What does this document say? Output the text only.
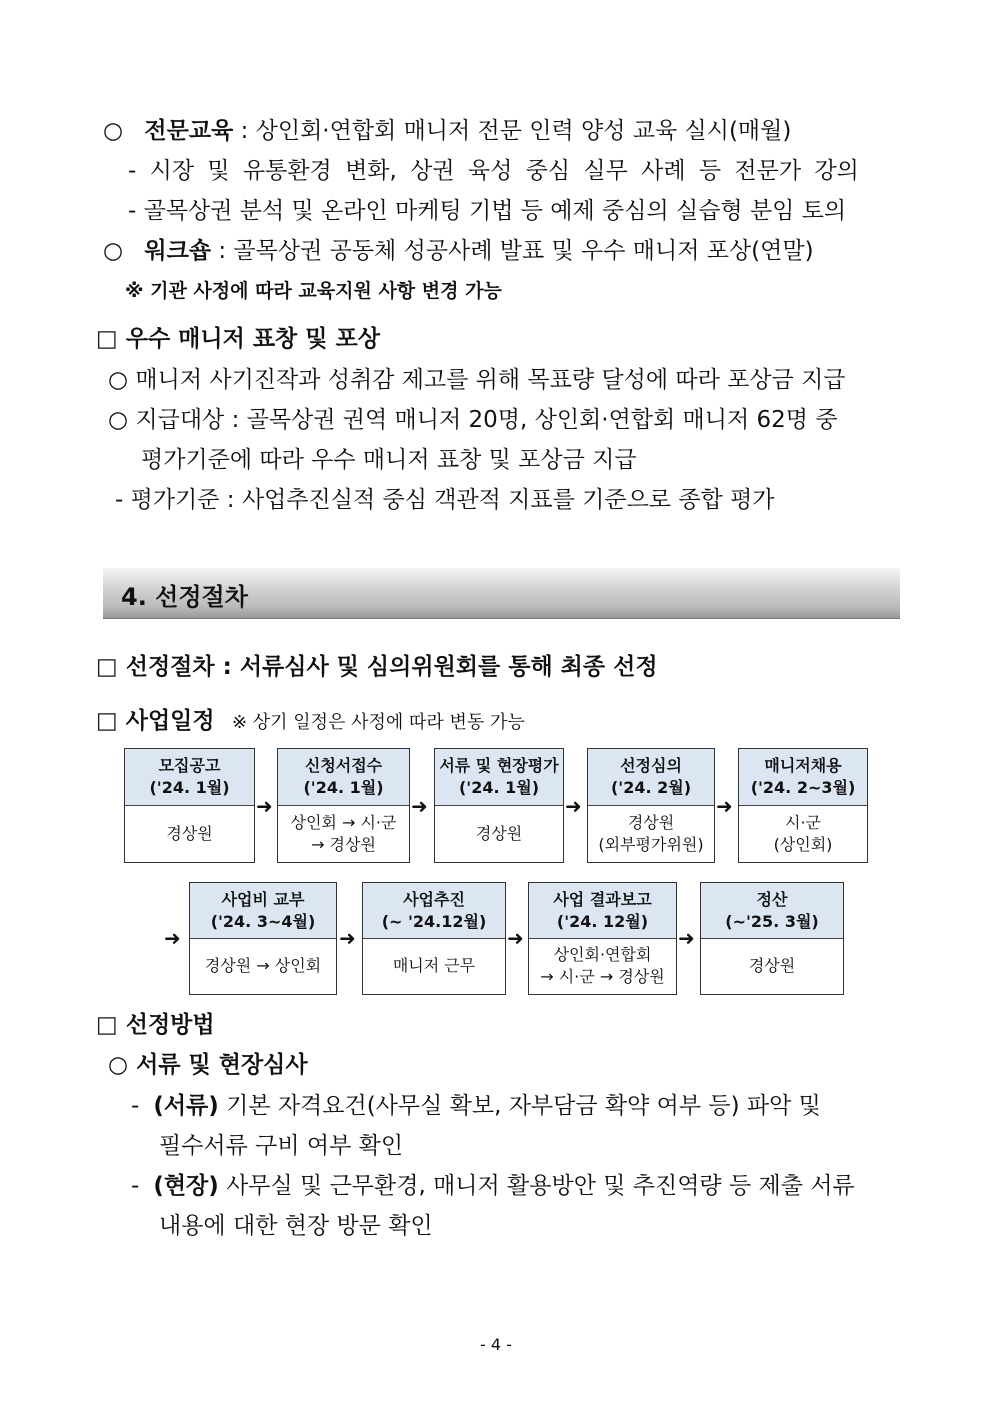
○ 전문교육 : 상인회·연합회 매니저 전문 인력 양성 교육 실시(매월)
- 시장 및 유통환경 변화, 상권 육성 중심 실무 사례 등 전문가 강의
- 골목상권 분석 및 온라인 마케팅 기법 등 예제 중심의 실습형 분임 토의
○ 워크숍 : 골목상권 공동체 성공사례 발표 및 우수 매니저 포상(연말)
※ 기관 사정에 따라 교육지원 사항 변경 가능
□ 우수 매니저 표창 및 포상
○ 매니저 사기진작과 성취감 제고를 위해 목표량 달성에 따라 포상금 지급
○ 지급대상 : 골목상권 권역 매니저 20명, 상인회·연합회 매니저 62명 중
평가기준에 따라 우수 매니저 표창 및 포상금 지급
- 평가기준 : 사업추진실적 중심 객관적 지표를 기준으로 종합 평가
4. 선정절차
□ 선정절차 : 서류심사 및 심의위원회를 통해 최종 선정
□ 사업일정 ※ 상기 일정은 사정에 따라 변동 가능
모집공고
('24. 1월)
경상원
➜
신청서접수
('24. 1월)
상인회 → 시·군
→ 경상원
➜
서류 및 현장평가
('24. 1월)
경상원
➜
선정심의
('24. 2월)
경상원
(외부평가위원)
➜
매니저채용
('24. 2~3월)
시·군
(상인회)
➜
사업비 교부
('24. 3~4월)
경상원 → 상인회
➜
사업추진
(~ '24.12월)
매니저 근무
➜
사업 결과보고
('24. 12월)
상인회·연합회
→ 시·군 → 경상원
➜
정산
(~'25. 3월)
경상원
□ 선정방법
○ 서류 및 현장심사
- (서류) 기본 자격요건(사무실 확보, 자부담금 확약 여부 등) 파악 및
필수서류 구비 여부 확인
- (현장) 사무실 및 근무환경, 매니저 활용방안 및 추진역량 등 제출 서류
내용에 대한 현장 방문 확인
- 4 -
